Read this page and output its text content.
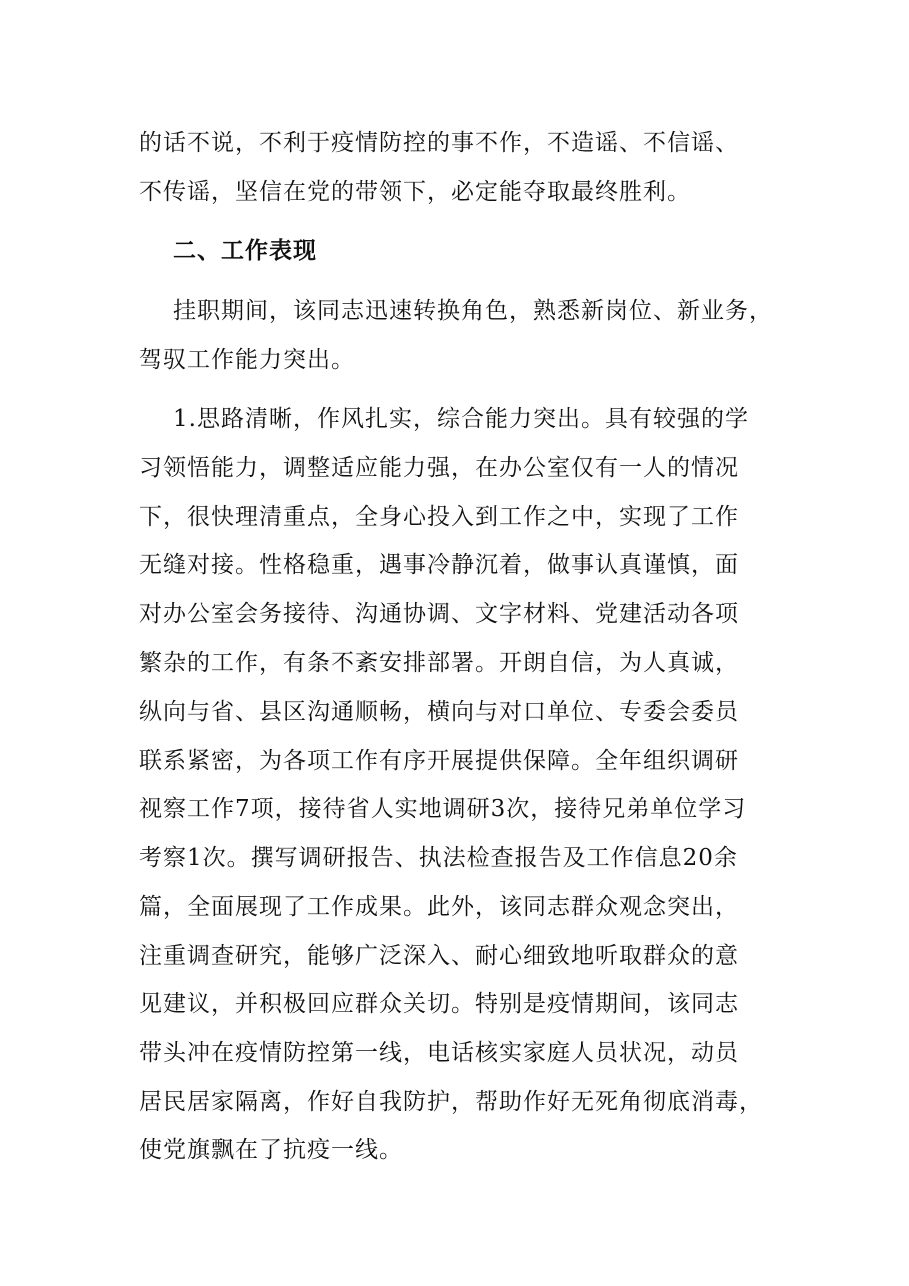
的话不说，不利于疫情防控的事不作，不造谣、不信谣、

不传谣，坚信在党的带领下，必定能夺取最终胜利。

二、工作表现

挂职期间，该同志迅速转换角色，熟悉新岗位、新业务，

驾驭工作能力突出。

1.思路清晰，作风扎实，综合能力突出。具有较强的学

习领悟能力，调整适应能力强，在办公室仅有一人的情况

下，很快理清重点，全身心投入到工作之中，实现了工作

无缝对接。性格稳重，遇事冷静沉着，做事认真谨慎，面

对办公室会务接待、沟通协调、文字材料、党建活动各项

繁杂的工作，有条不紊安排部署。开朗自信，为人真诚，

纵向与省、县区沟通顺畅，横向与对口单位、专委会委员

联系紧密，为各项工作有序开展提供保障。全年组织调研

视察工作7项，接待省人实地调研3次，接待兄弟单位学习

考察1次。撰写调研报告、执法检查报告及工作信息20余

篇，全面展现了工作成果。此外，该同志群众观念突出，

注重调查研究，能够广泛深入、耐心细致地听取群众的意

见建议，并积极回应群众关切。特别是疫情期间，该同志

带头冲在疫情防控第一线，电话核实家庭人员状况，动员

居民居家隔离，作好自我防护，帮助作好无死角彻底消毒，

使党旗飘在了抗疫一线。
